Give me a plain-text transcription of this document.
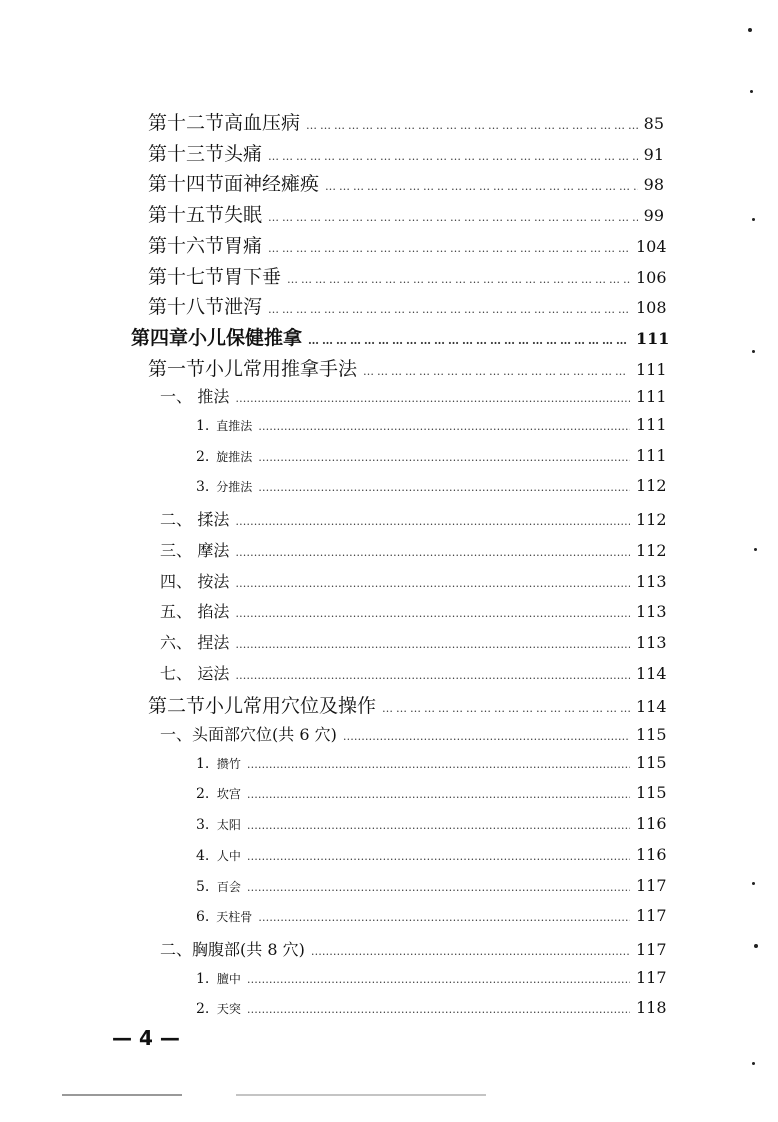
第十二节 高血压病 ……………………………………………………………………………………………………………………………………	85
第十三节 头痛 ……………………………………………………………………………………………………………………………………	91
第十四节 面神经瘫痪 ……………………………………………………………………………………………………………………………………	98
第十五节 失眠 ……………………………………………………………………………………………………………………………………	99
第十六节 胃痛 ……………………………………………………………………………………………………………………………………	104
第十七节 胃下垂 ……………………………………………………………………………………………………………………………………	106
第十八节 泄泻 ……………………………………………………………………………………………………………………………………	108
第四章 小儿保健推拿 ……………………………………………………………………………………………………………………………………	111
第一节 小儿常用推拿手法 ……………………………………………………………………………………………………………………………………	111
一、 推法 ……………………………………………………………………………………………………………………………………	111
1. 直推法 ……………………………………………………………………………………………………………………………………	111
2. 旋推法 ……………………………………………………………………………………………………………………………………	111
3. 分推法 ……………………………………………………………………………………………………………………………………	112
二、 揉法 ……………………………………………………………………………………………………………………………………	112
三、 摩法 ……………………………………………………………………………………………………………………………………	112
四、 按法 ……………………………………………………………………………………………………………………………………	113
五、 掐法 ……………………………………………………………………………………………………………………………………	113
六、 捏法 ……………………………………………………………………………………………………………………………………	113
七、 运法 ……………………………………………………………………………………………………………………………………	114
第二节 小儿常用穴位及操作 ……………………………………………………………………………………………………………………………………	114
一、 头面部穴位(共 6 穴) ……………………………………………………………………………………………………………………………………	115
1. 攒竹 ……………………………………………………………………………………………………………………………………	115
2. 坎宫 ……………………………………………………………………………………………………………………………………	115
3. 太阳 ……………………………………………………………………………………………………………………………………	116
4. 人中 ……………………………………………………………………………………………………………………………………	116
5. 百会 ……………………………………………………………………………………………………………………………………	117
6. 天柱骨 ……………………………………………………………………………………………………………………………………	117
二、 胸腹部(共 8 穴) ……………………………………………………………………………………………………………………………………	117
1. 膻中 ……………………………………………………………………………………………………………………………………	117
2. 天突 ……………………………………………………………………………………………………………………………………	118
— 4 —
